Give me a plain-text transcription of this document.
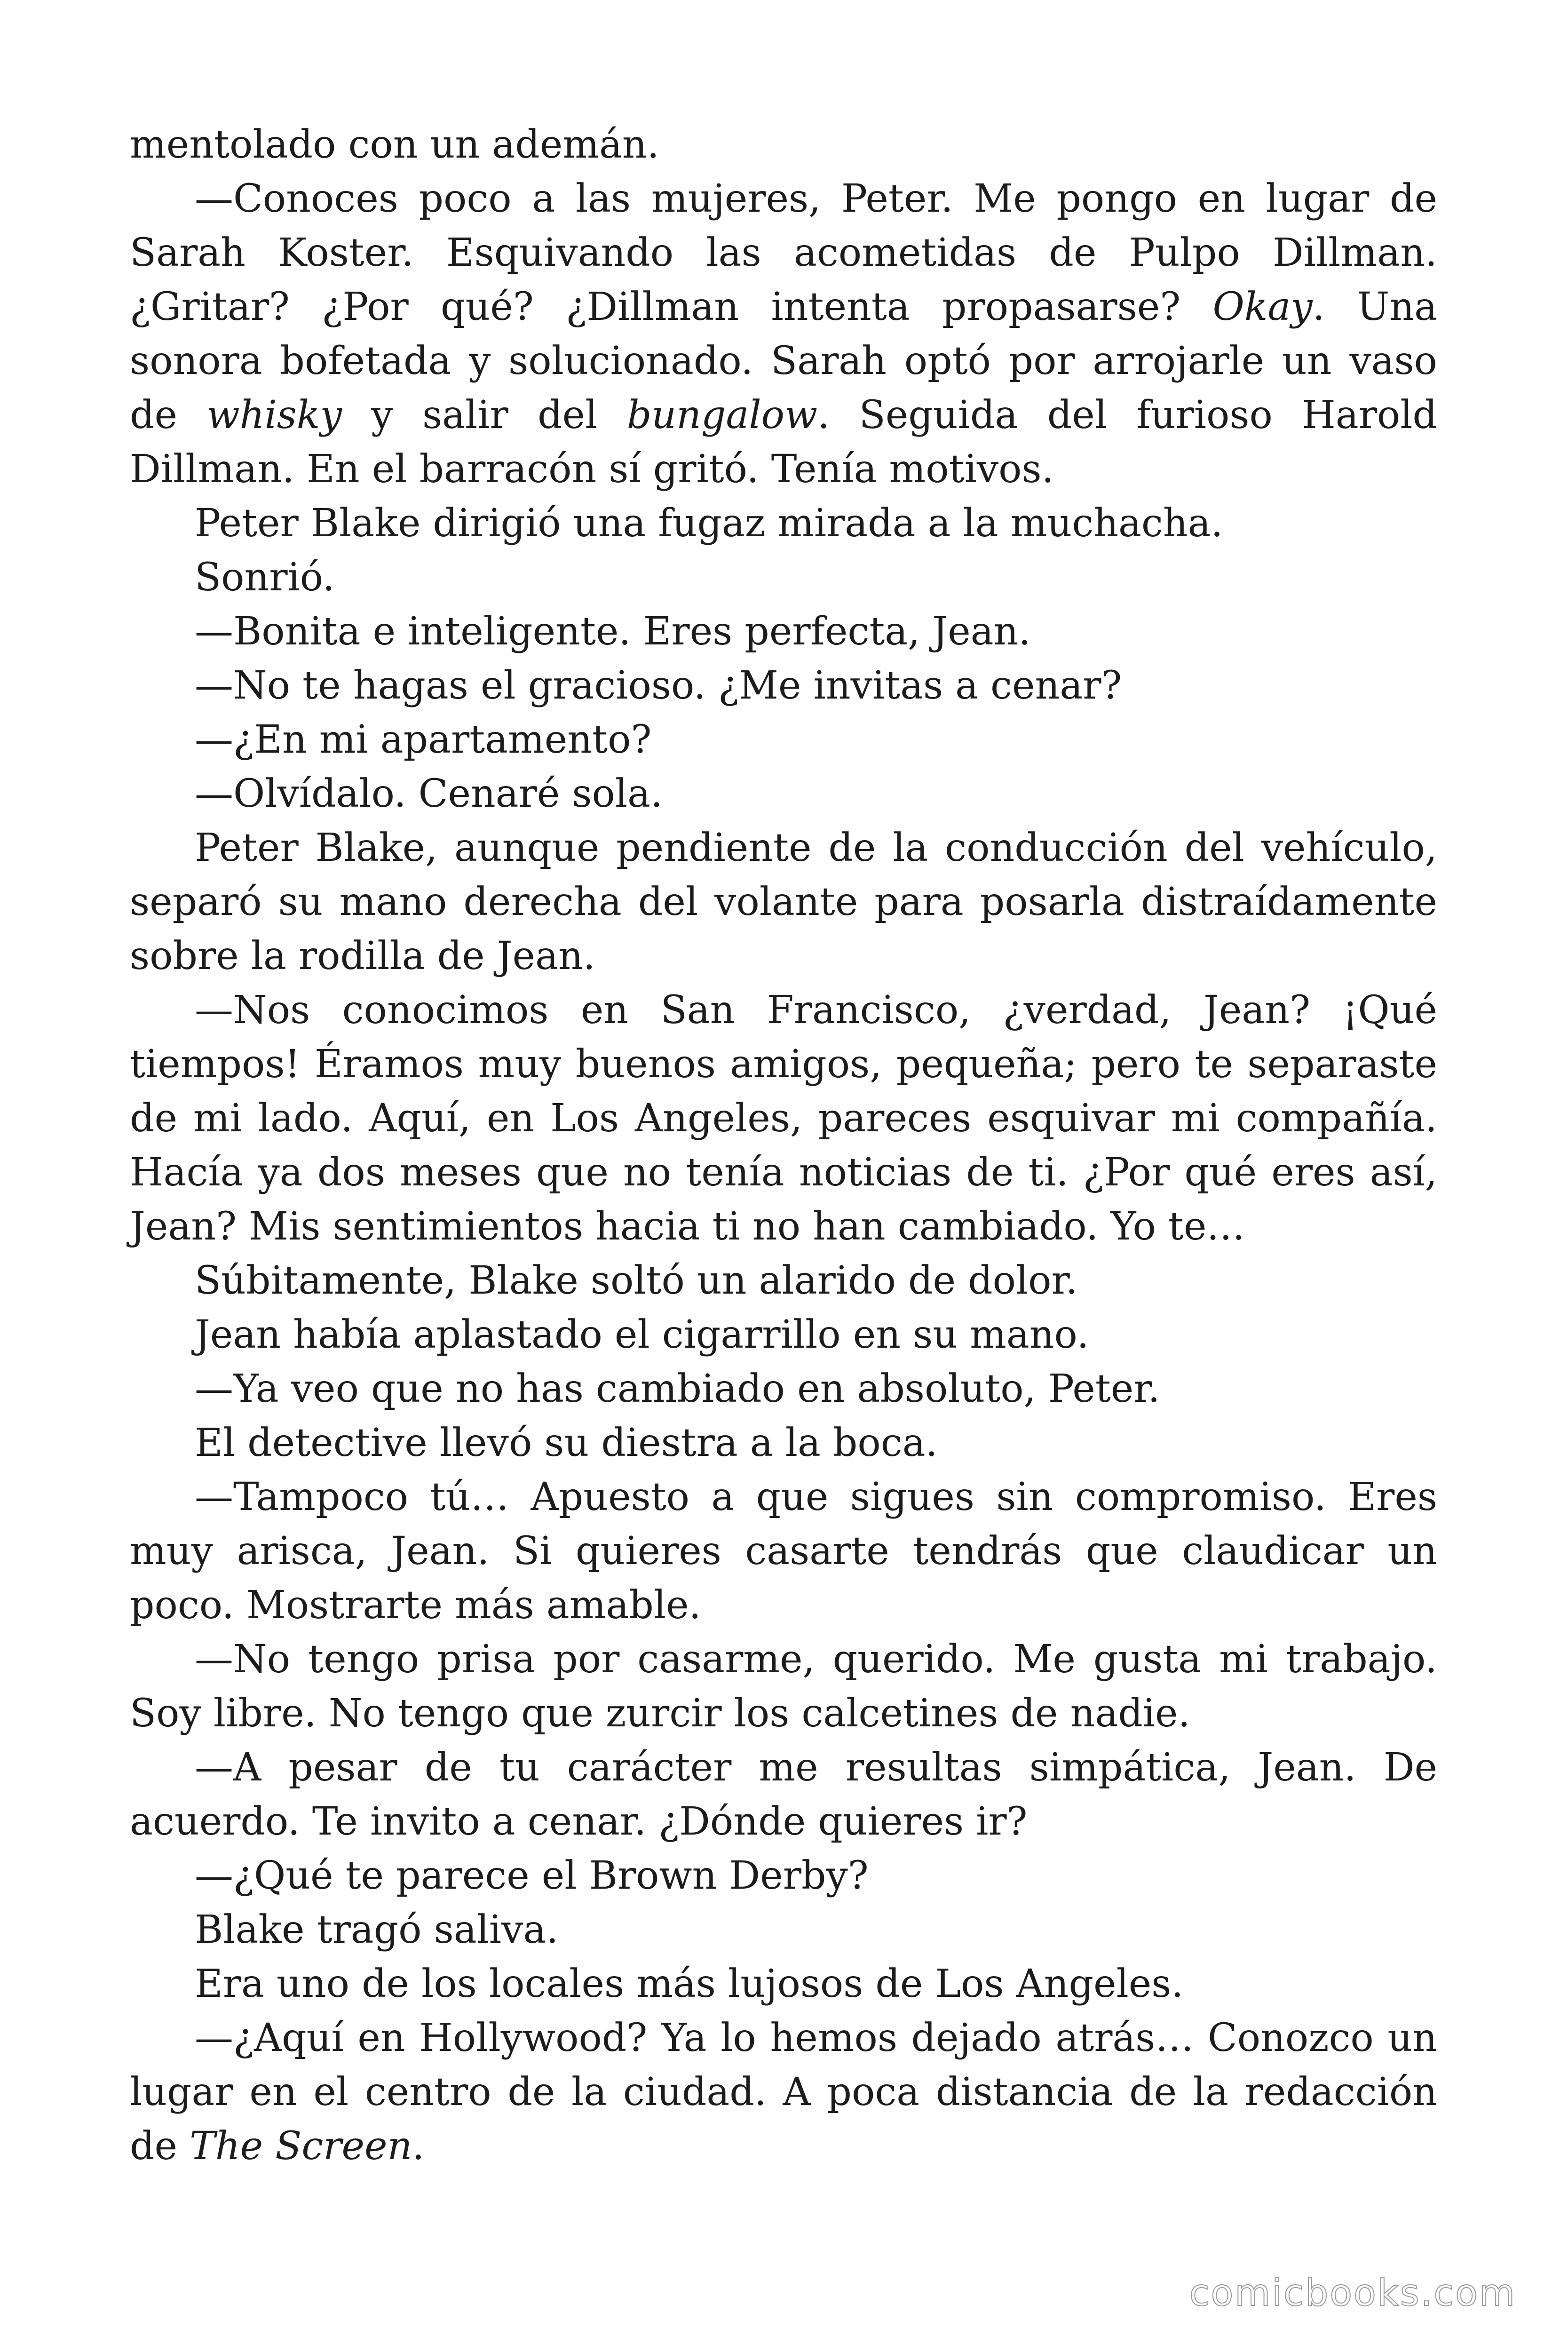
mentolado con un ademán.

—Conoces poco a las mujeres, Peter. Me pongo en lugar de Sarah Koster. Esquivando las acometidas de Pulpo Dillman. ¿Gritar? ¿Por qué? ¿Dillman intenta propasarse? Okay. Una sonora bofetada y solucionado. Sarah optó por arrojarle un vaso de whisky y salir del bungalow. Seguida del furioso Harold Dillman. En el barracón sí gritó. Tenía motivos.

Peter Blake dirigió una fugaz mirada a la muchacha.

Sonrió.

—Bonita e inteligente. Eres perfecta, Jean.

—No te hagas el gracioso. ¿Me invitas a cenar?

—¿En mi apartamento?

—Olvídalo. Cenaré sola.

Peter Blake, aunque pendiente de la conducción del vehículo, separó su mano derecha del volante para posarla distraídamente sobre la rodilla de Jean.

—Nos conocimos en San Francisco, ¿verdad, Jean? ¡Qué tiempos! Éramos muy buenos amigos, pequeña; pero te separaste de mi lado. Aquí, en Los Angeles, pareces esquivar mi compañía. Hacía ya dos meses que no tenía noticias de ti. ¿Por qué eres así, Jean? Mis sentimientos hacia ti no han cambiado. Yo te…

Súbitamente, Blake soltó un alarido de dolor.

Jean había aplastado el cigarrillo en su mano.

—Ya veo que no has cambiado en absoluto, Peter.

El detective llevó su diestra a la boca.

—Tampoco tú… Apuesto a que sigues sin compromiso. Eres muy arisca, Jean. Si quieres casarte tendrás que claudicar un poco. Mostrarte más amable.

—No tengo prisa por casarme, querido. Me gusta mi trabajo. Soy libre. No tengo que zurcir los calcetines de nadie.

—A pesar de tu carácter me resultas simpática, Jean. De acuerdo. Te invito a cenar. ¿Dónde quieres ir?

—¿Qué te parece el Brown Derby?

Blake tragó saliva.

Era uno de los locales más lujosos de Los Angeles.

—¿Aquí en Hollywood? Ya lo hemos dejado atrás… Conozco un lugar en el centro de la ciudad. A poca distancia de la redacción de The Screen.

comicbooks.com
